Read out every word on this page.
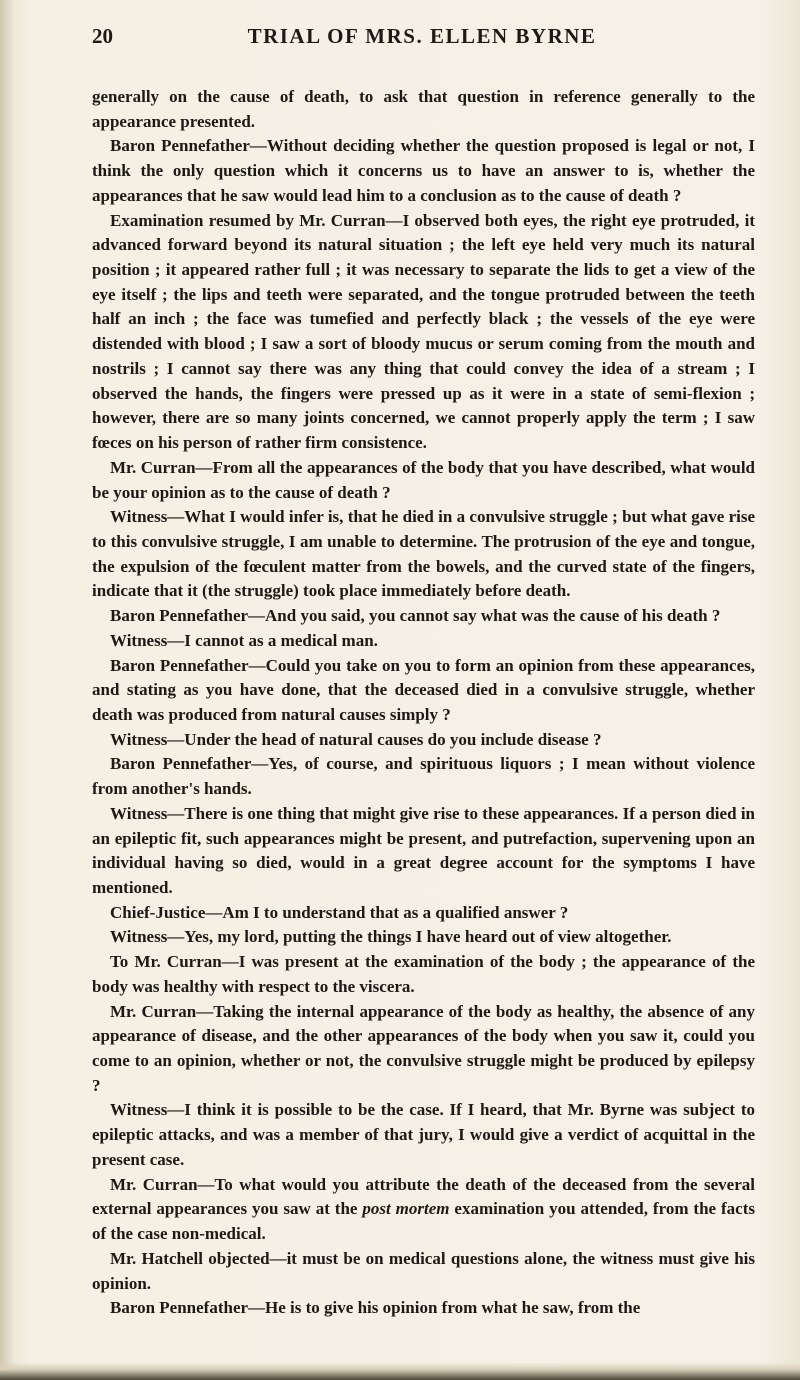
20	TRIAL OF MRS. ELLEN BYRNE

generally on the cause of death, to ask that question in reference generally to the appearance presented.

Baron Pennefather—Without deciding whether the question proposed is legal or not, I think the only question which it concerns us to have an answer to is, whether the appearances that he saw would lead him to a conclusion as to the cause of death ?

Examination resumed by Mr. Curran—I observed both eyes, the right eye protruded, it advanced forward beyond its natural situation ; the left eye held very much its natural position ; it appeared rather full ; it was necessary to separate the lids to get a view of the eye itself ; the lips and teeth were separated, and the tongue protruded between the teeth half an inch ; the face was tumefied and perfectly black ; the vessels of the eye were distended with blood ; I saw a sort of bloody mucus or serum coming from the mouth and nostrils ; I cannot say there was any thing that could convey the idea of a stream ; I observed the hands, the fingers were pressed up as it were in a state of semi-flexion ; however, there are so many joints concerned, we cannot properly apply the term ; I saw fœces on his person of rather firm consistence.

Mr. Curran—From all the appearances of the body that you have described, what would be your opinion as to the cause of death ?

Witness—What I would infer is, that he died in a convulsive struggle ; but what gave rise to this convulsive struggle, I am unable to determine. The protrusion of the eye and tongue, the expulsion of the fœculent matter from the bowels, and the curved state of the fingers, indicate that it (the struggle) took place immediately before death.

Baron Pennefather—And you said, you cannot say what was the cause of his death ?

Witness—I cannot as a medical man.

Baron Pennefather—Could you take on you to form an opinion from these appearances, and stating as you have done, that the deceased died in a convulsive struggle, whether death was produced from natural causes simply ?

Witness—Under the head of natural causes do you include disease ?

Baron Pennefather—Yes, of course, and spirituous liquors ; I mean without violence from another's hands.

Witness—There is one thing that might give rise to these appearances. If a person died in an epileptic fit, such appearances might be present, and putrefaction, supervening upon an individual having so died, would in a great degree account for the symptoms I have mentioned.

Chief-Justice—Am I to understand that as a qualified answer ?

Witness—Yes, my lord, putting the things I have heard out of view altogether.

To Mr. Curran—I was present at the examination of the body ; the appearance of the body was healthy with respect to the viscera.

Mr. Curran—Taking the internal appearance of the body as healthy, the absence of any appearance of disease, and the other appearances of the body when you saw it, could you come to an opinion, whether or not, the convulsive struggle might be produced by epilepsy ?

Witness—I think it is possible to be the case. If I heard, that Mr. Byrne was subject to epileptic attacks, and was a member of that jury, I would give a verdict of acquittal in the present case.

Mr. Curran—To what would you attribute the death of the deceased from the several external appearances you saw at the post mortem examination you attended, from the facts of the case non-medical.

Mr. Hatchell objected—it must be on medical questions alone, the witness must give his opinion.

Baron Pennefather—He is to give his opinion from what he saw, from the
